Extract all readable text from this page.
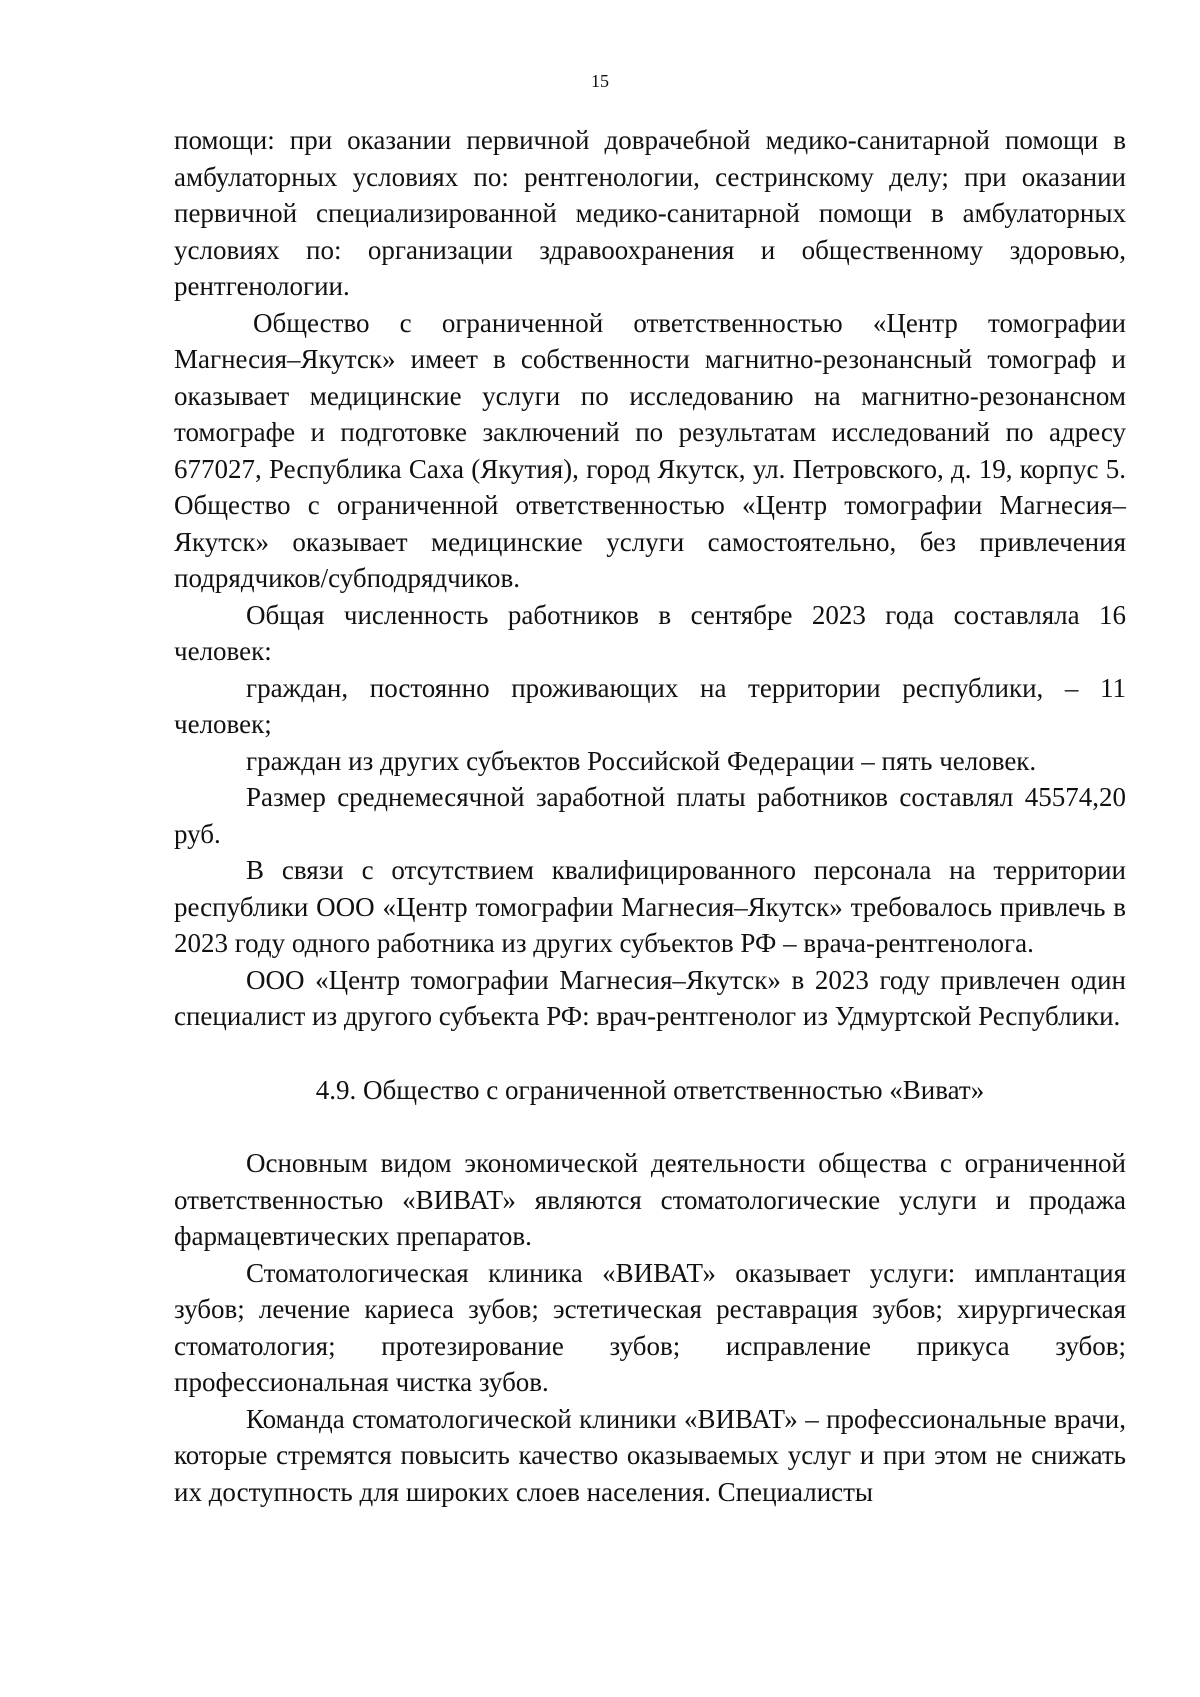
15

помощи: при оказании первичной доврачебной медико-санитарной помощи в амбулаторных условиях по: рентгенологии, сестринскому делу; при оказании первичной специализированной медико-санитарной помощи в амбулаторных условиях по: организации здравоохранения и общественному здоровью, рентгенологии.

Общество с ограниченной ответственностью «Центр томографии Магнесия–Якутск» имеет в собственности магнитно-резонансный томограф и оказывает медицинские услуги по исследованию на магнитно-резонансном томографе и подготовке заключений по результатам исследований по адресу 677027, Республика Саха (Якутия), город Якутск, ул. Петровского, д. 19, корпус 5. Общество с ограниченной ответственностью «Центр томографии Магнесия–Якутск» оказывает медицинские услуги самостоятельно, без привлечения подрядчиков/субподрядчиков.

Общая численность работников в сентябре 2023 года составляла 16 человек:

граждан, постоянно проживающих на территории республики, – 11 человек;

граждан из других субъектов Российской Федерации – пять человек.

Размер среднемесячной заработной платы работников составлял 45574,20 руб.

В связи с отсутствием квалифицированного персонала на территории республики ООО «Центр томографии Магнесия–Якутск» требовалось привлечь в 2023 году одного работника из других субъектов РФ – врача-рентгенолога.

ООО «Центр томографии Магнесия–Якутск» в 2023 году привлечен один специалист из другого субъекта РФ: врач-рентгенолог из Удмуртской Республики.

4.9. Общество с ограниченной ответственностью «Виват»

Основным видом экономической деятельности общества с ограниченной ответственностью «ВИВАТ» являются стоматологические услуги и продажа фармацевтических препаратов.

Стоматологическая клиника «ВИВАТ» оказывает услуги: имплантация зубов; лечение кариеса зубов; эстетическая реставрация зубов; хирургическая стоматология; протезирование зубов; исправление прикуса зубов; профессиональная чистка зубов.

Команда стоматологической клиники «ВИВАТ» – профессиональные врачи, которые стремятся повысить качество оказываемых услуг и при этом не снижать их доступность для широких слоев населения. Специалисты
